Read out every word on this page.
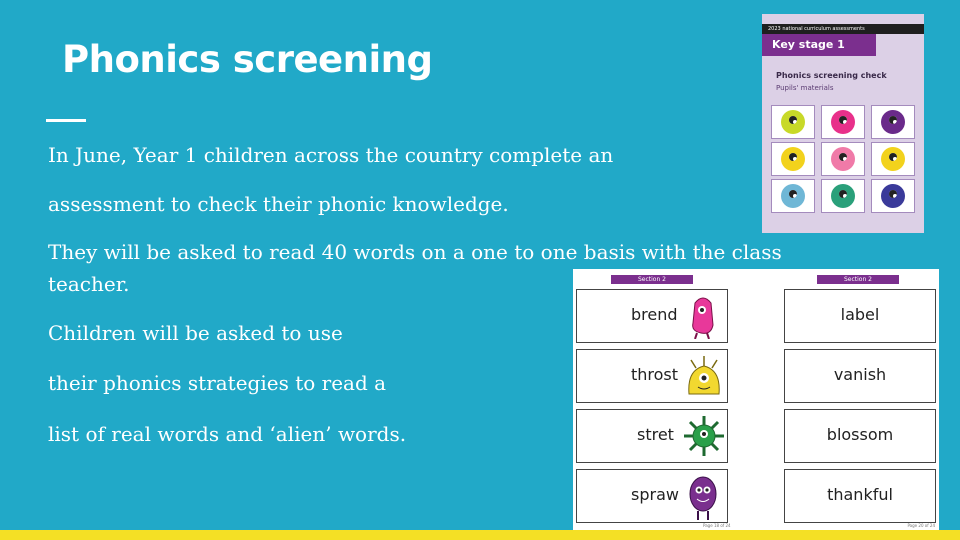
Phonics screening

In June, Year 1 children across the country complete an

assessment to check their phonic knowledge.

They will be asked to read 40 words on a one to one basis with the class

teacher.

Children will be asked to use

their phonics strategies to read a

list of real words and ‘alien’ words.

2023 national curriculum assessments
Key stage 1
Phonics screening check
Pupils' materials
Section 2	Section 2
brend
throst
stret
spraw
label
vanish
blossom
thankful
Page 18 of 24	Page 20 of 24
